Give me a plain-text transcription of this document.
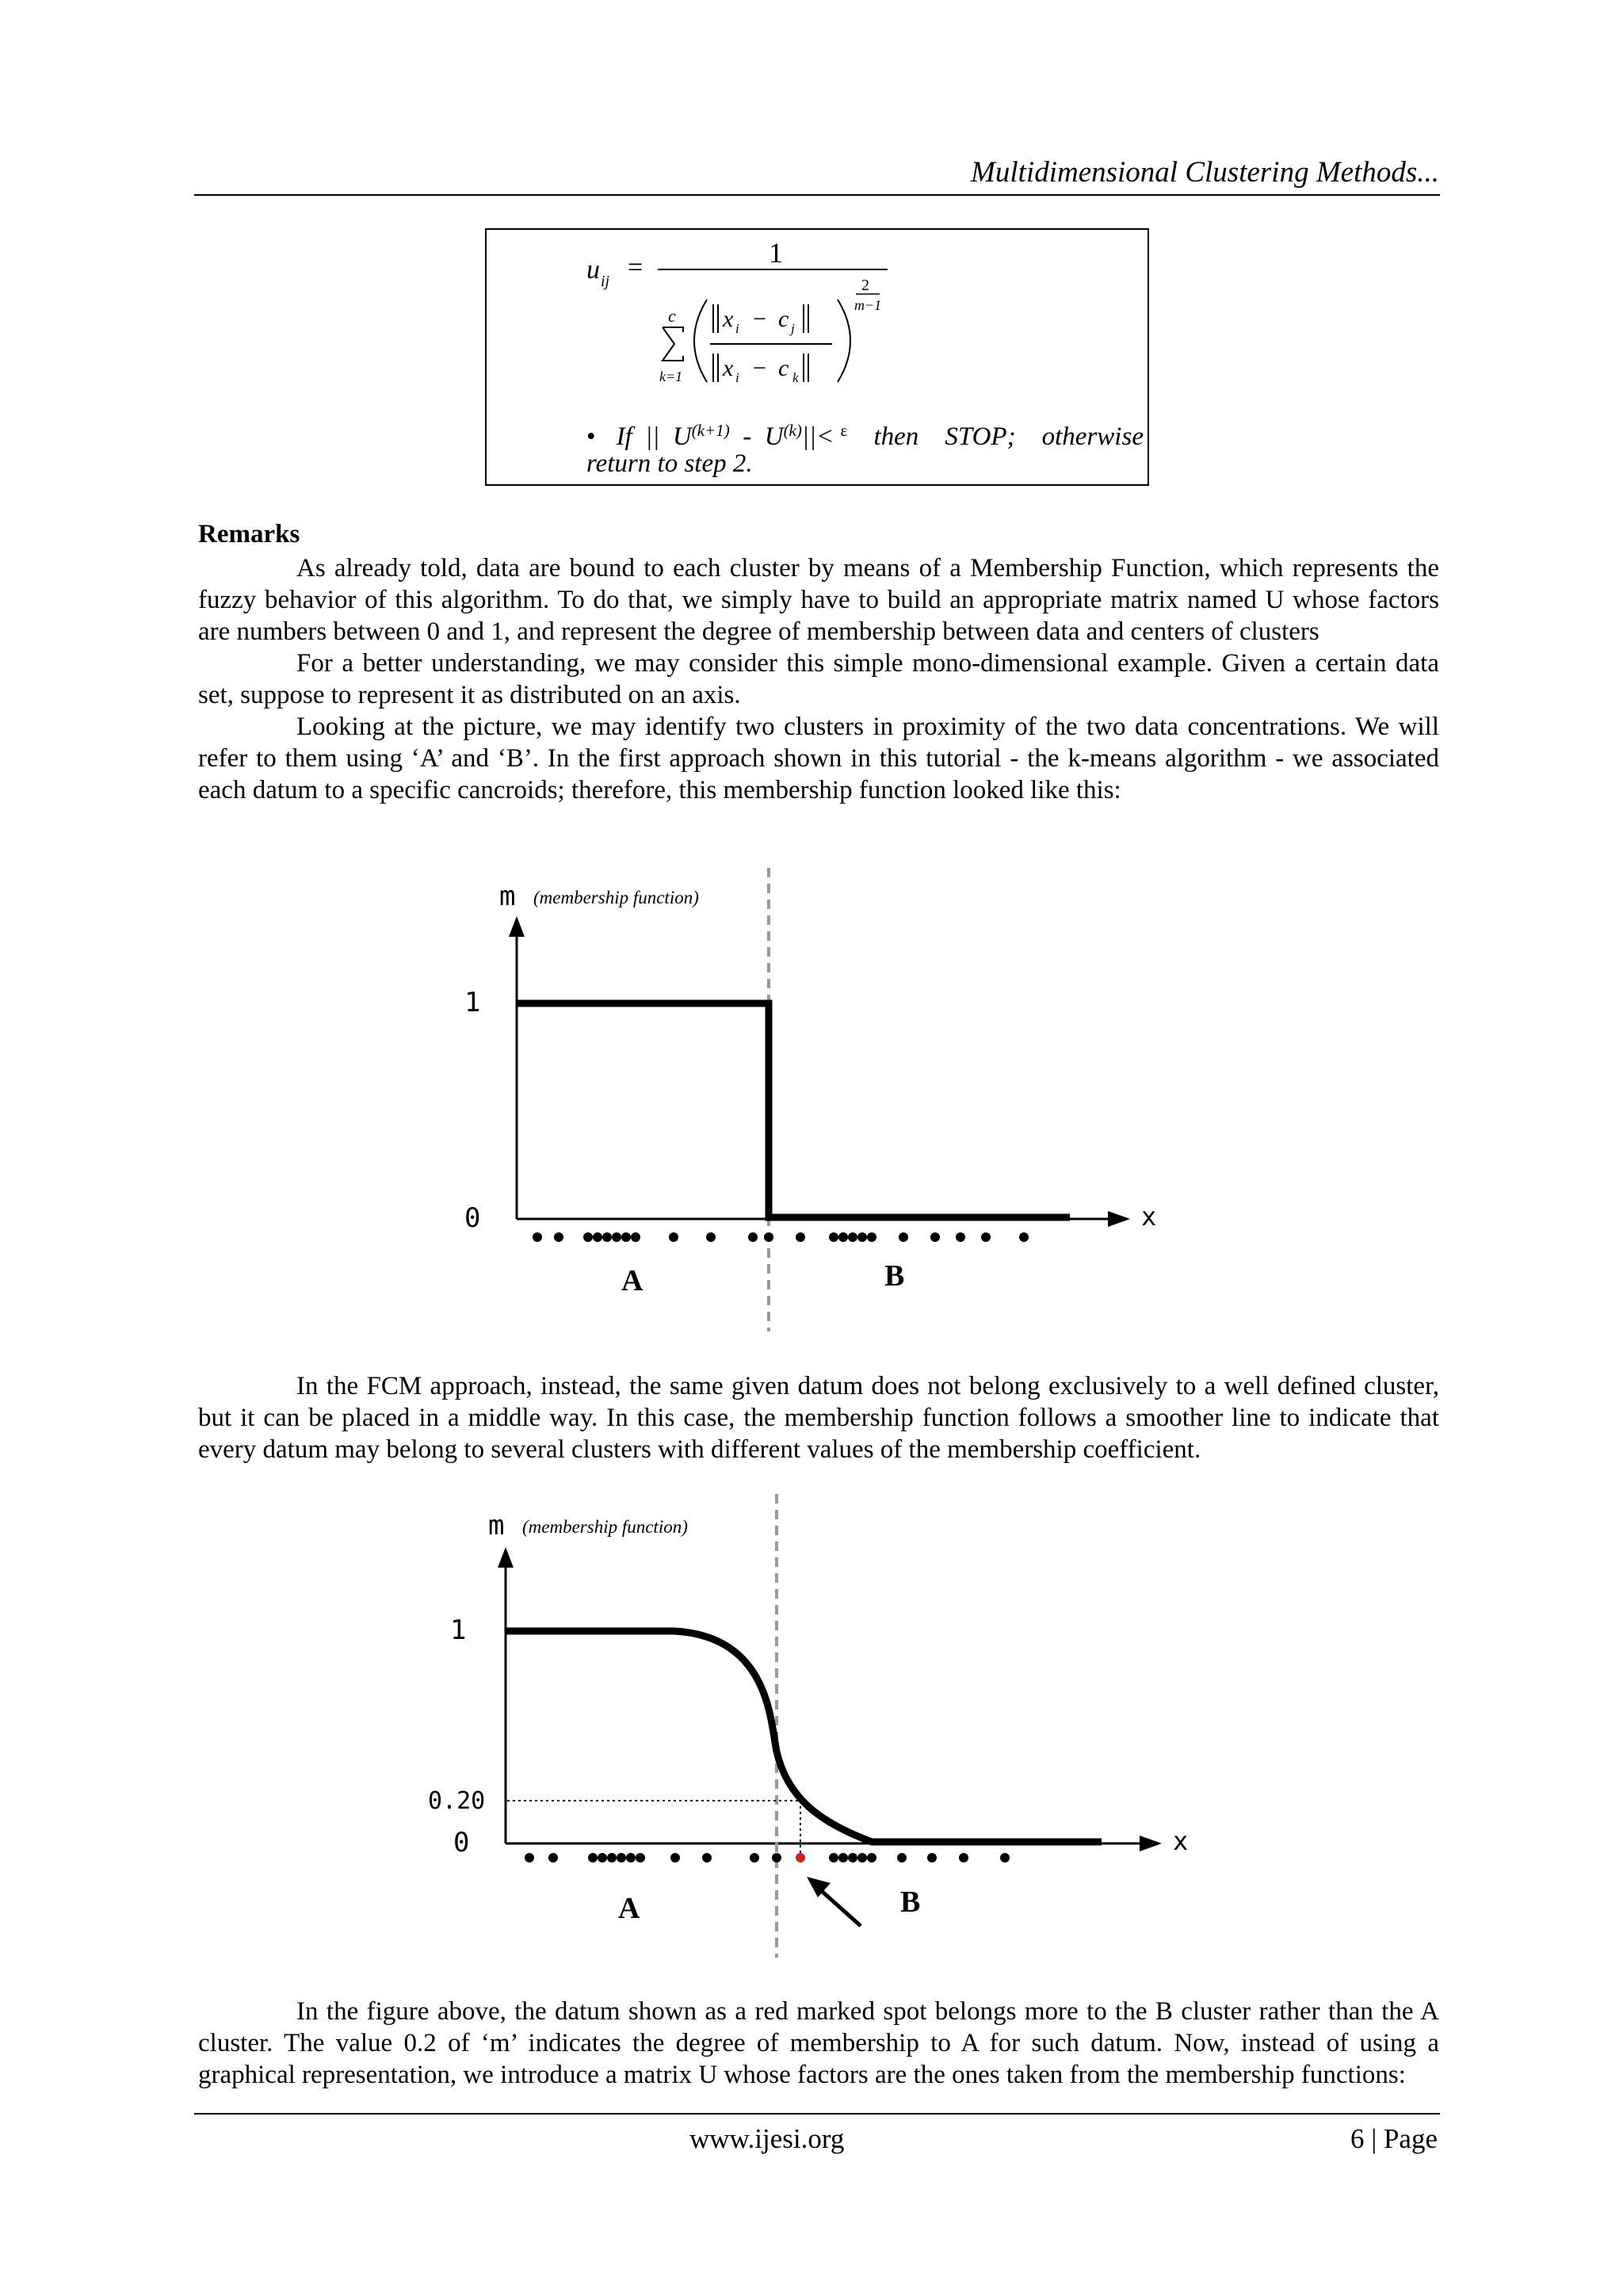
Multidimensional Clustering Methods...
u ij =	1
c
k=1
x i − c j
x i − c k
2
m−1
• If || $U^{(k+1)} - U^{(k)}||< ^\varepsilon$ then STOP; otherwise
return to step 2.
Remarks

As already told, data are bound to each cluster by means of a Membership Function, which represents the fuzzy behavior of this algorithm. To do that, we simply have to build an appropriate matrix named U whose factors are numbers between 0 and 1, and represent the degree of membership between data and centers of clusters

For a better understanding, we may consider this simple mono-dimensional example. Given a certain data set, suppose to represent it as distributed on an axis.

Looking at the picture, we may identify two clusters in proximity of the two data concentrations. We will refer to them using ‘A’ and ‘B’. In the first approach shown in this tutorial - the k-means algorithm - we associated each datum to a specific cancroids; therefore, this membership function looked like this:

m (membership function)
x
1
0
A	B

In the FCM approach, instead, the same given datum does not belong exclusively to a well defined cluster, but it can be placed in a middle way. In this case, the membership function follows a smoother line to indicate that every datum may belong to several clusters with different values of the membership coefficient.

m (membership function)
x
1
0.20
0
A	B

In the figure above, the datum shown as a red marked spot belongs more to the B cluster rather than the A cluster. The value 0.2 of ‘m’ indicates the degree of membership to A for such datum. Now, instead of using a graphical representation, we introduce a matrix U whose factors are the ones taken from the membership functions:

www.ijesi.org	6 | Page
